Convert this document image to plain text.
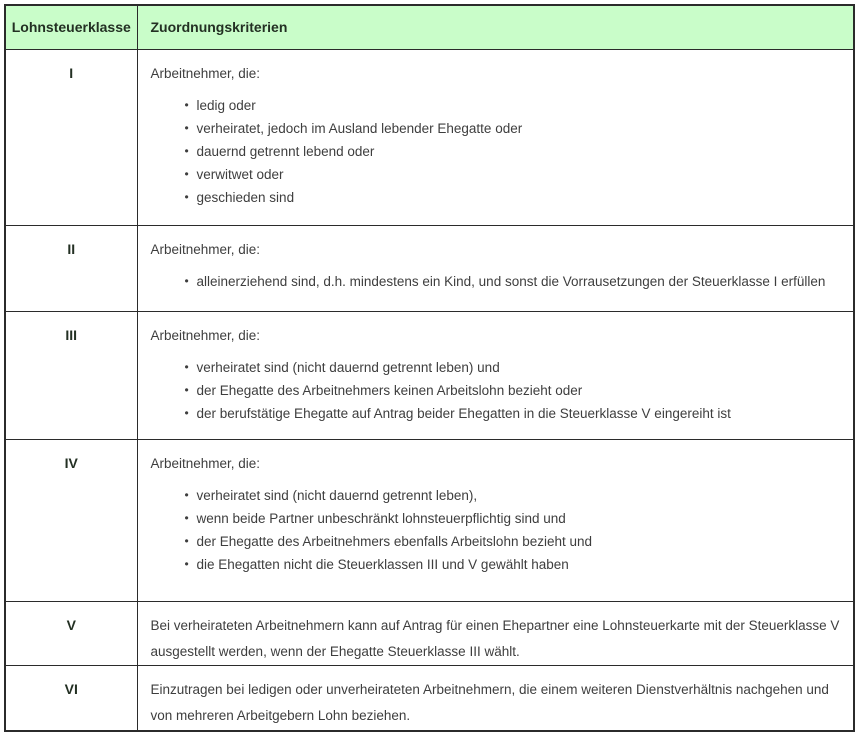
Lohnsteuerklasse	Zuordnungskriterien
I	Arbeitnehmer, die:

• ledig oder
• verheiratet, jedoch im Ausland lebender Ehegatte oder
• dauernd getrennt lebend oder
• verwitwet oder
• geschieden sind

II	Arbeitnehmer, die:

• alleinerziehend sind, d.h. mindestens ein Kind, und sonst die Vorrausetzungen der Steuerklasse I erfüllen

III	Arbeitnehmer, die:

• verheiratet sind (nicht dauernd getrennt leben) und
• der Ehegatte des Arbeitnehmers keinen Arbeitslohn bezieht oder
• der berufstätige Ehegatte auf Antrag beider Ehegatten in die Steuerklasse V eingereiht ist

IV	Arbeitnehmer, die:

• verheiratet sind (nicht dauernd getrennt leben),
• wenn beide Partner unbeschränkt lohnsteuerpflichtig sind und
• der Ehegatte des Arbeitnehmers ebenfalls Arbeitslohn bezieht und
• die Ehegatten nicht die Steuerklassen III und V gewählt haben

V	Bei verheirateten Arbeitnehmern kann auf Antrag für einen Ehepartner eine Lohnsteuerkarte mit der Steuerklasse V ausgestellt werden, wenn der Ehegatte Steuerklasse III wählt.

VI	Einzutragen bei ledigen oder unverheirateten Arbeitnehmern, die einem weiteren Dienstverhältnis nachgehen und von mehreren Arbeitgebern Lohn beziehen.
